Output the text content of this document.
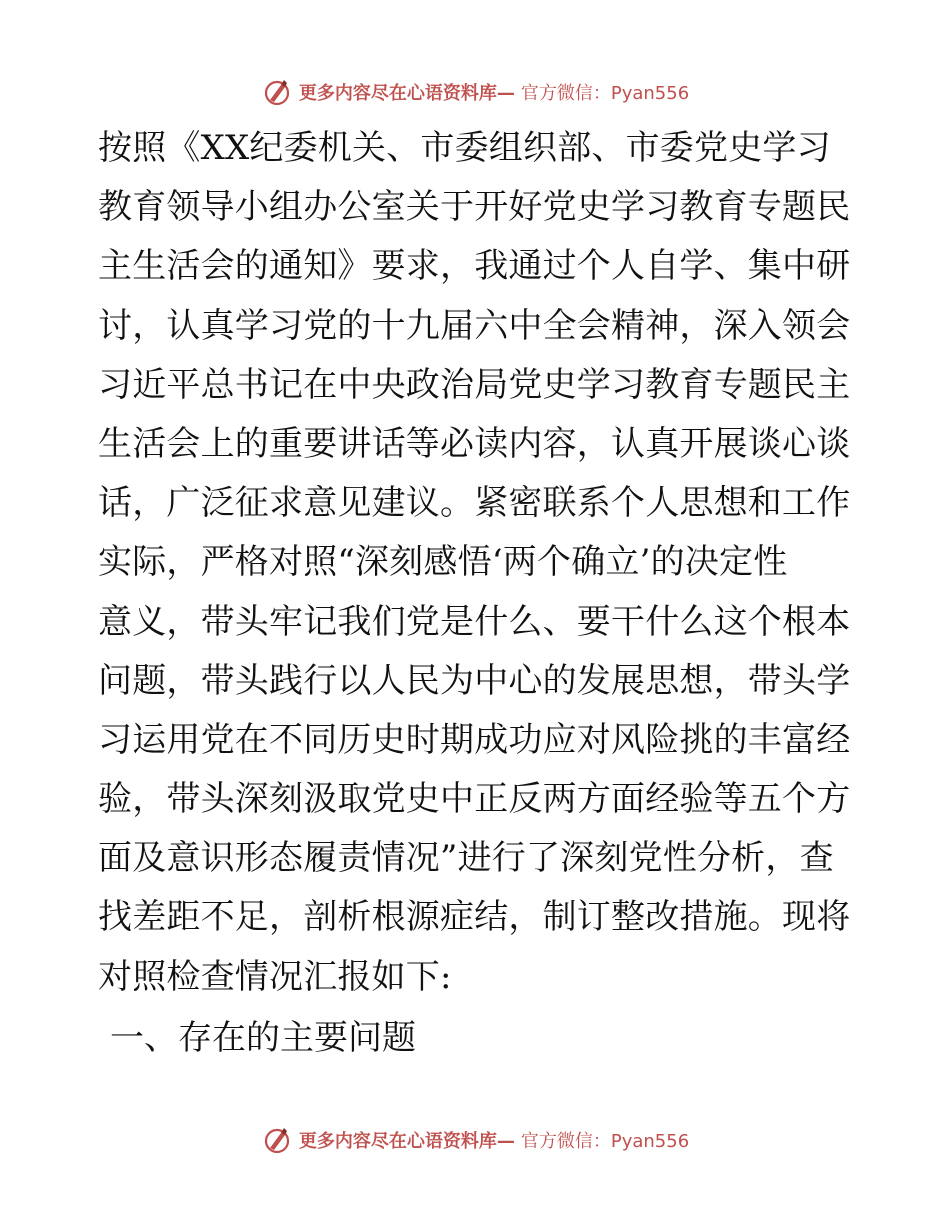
更多内容尽在心语资料库— 官方微信：Pyan556
按照《XX纪委机关、市委组织部、市委党史学习
教育领导小组办公室关于开好党史学习教育专题民
主生活会的通知》要求，我通过个人自学、集中研
讨，认真学习党的十九届六中全会精神，深入领会
习近平总书记在中央政治局党史学习教育专题民主
生活会上的重要讲话等必读内容，认真开展谈心谈
话，广泛征求意见建议。紧密联系个人思想和工作
实际，严格对照“深刻感悟‘两个确立’的决定性
意义，带头牢记我们党是什么、要干什么这个根本
问题，带头践行以人民为中心的发展思想，带头学
习运用党在不同历史时期成功应对风险挑的丰富经
验，带头深刻汲取党史中正反两方面经验等五个方
面及意识形态履责情况”进行了深刻党性分析，查
找差距不足，剖析根源症结，制订整改措施。现将
对照检查情况汇报如下:
一、存在的主要问题
更多内容尽在心语资料库— 官方微信：Pyan556
